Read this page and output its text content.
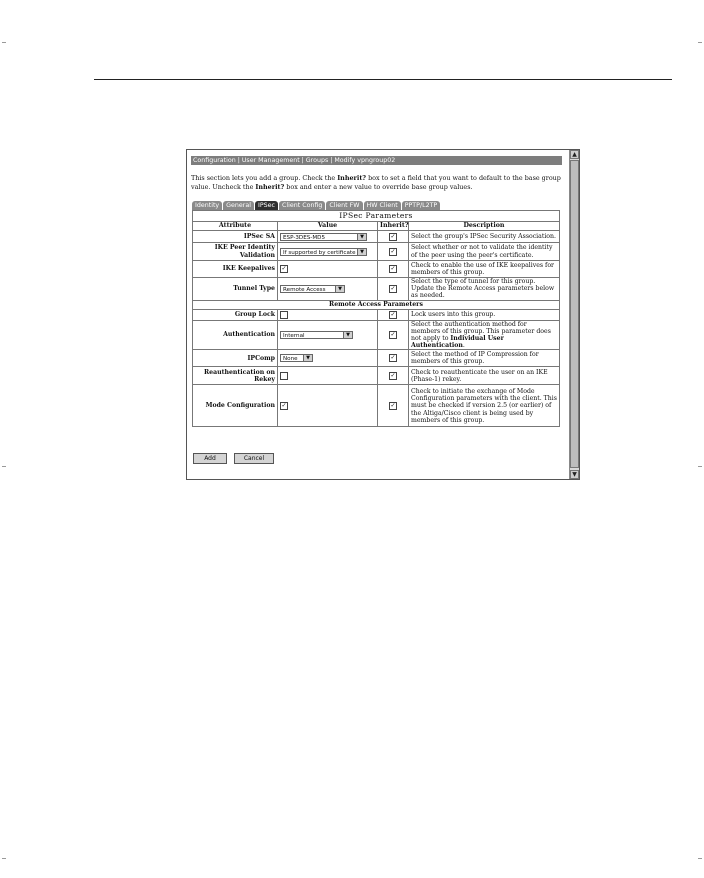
Configuration | User Management | Groups | Modify vpngroup02
This section lets you add a group. Check the Inherit? box to set a field that you want to default to the base group value. Uncheck the Inherit? box and enter a new value to override base group values.
Identity	General	IPSec	Client Config	Client FW	HW Client	PPTP/L2TP
IPSec Parameters			
Attribute	Value	Inherit?	Description
IPSec SA	ESP-3DES-MD5 ▼	✓	Select the group's IPSec Security Association.
IKE Peer Identity Validation	If supported by certificate ▼	✓	Select whether or not to validate the identity of the peer using the peer's certificate.
IKE Keepalives	✓	✓	Check to enable the use of IKE keepalives for members of this group.
Tunnel Type	Remote Access ▼	✓	Select the type of tunnel for this group. Update the Remote Access parameters below as needed.
Remote Access Parameters			
Group Lock		✓	Lock users into this group.
Authentication	Internal ▼	✓	Select the authentication method for members of this group. This parameter does not apply to Individual User Authentication.
IPComp	None ▼	✓	Select the method of IP Compression for members of this group.
Reauthentication on Rekey		✓	Check to reauthenticate the user on an IKE (Phase-1) rekey.
Mode Configuration	✓	✓	Check to initiate the exchange of Mode Configuration parameters with the client. This must be checked if version 2.5 (or earlier) of the Altiga/Cisco client is being used by members of this group.
Add	Cancel
▲
▼
